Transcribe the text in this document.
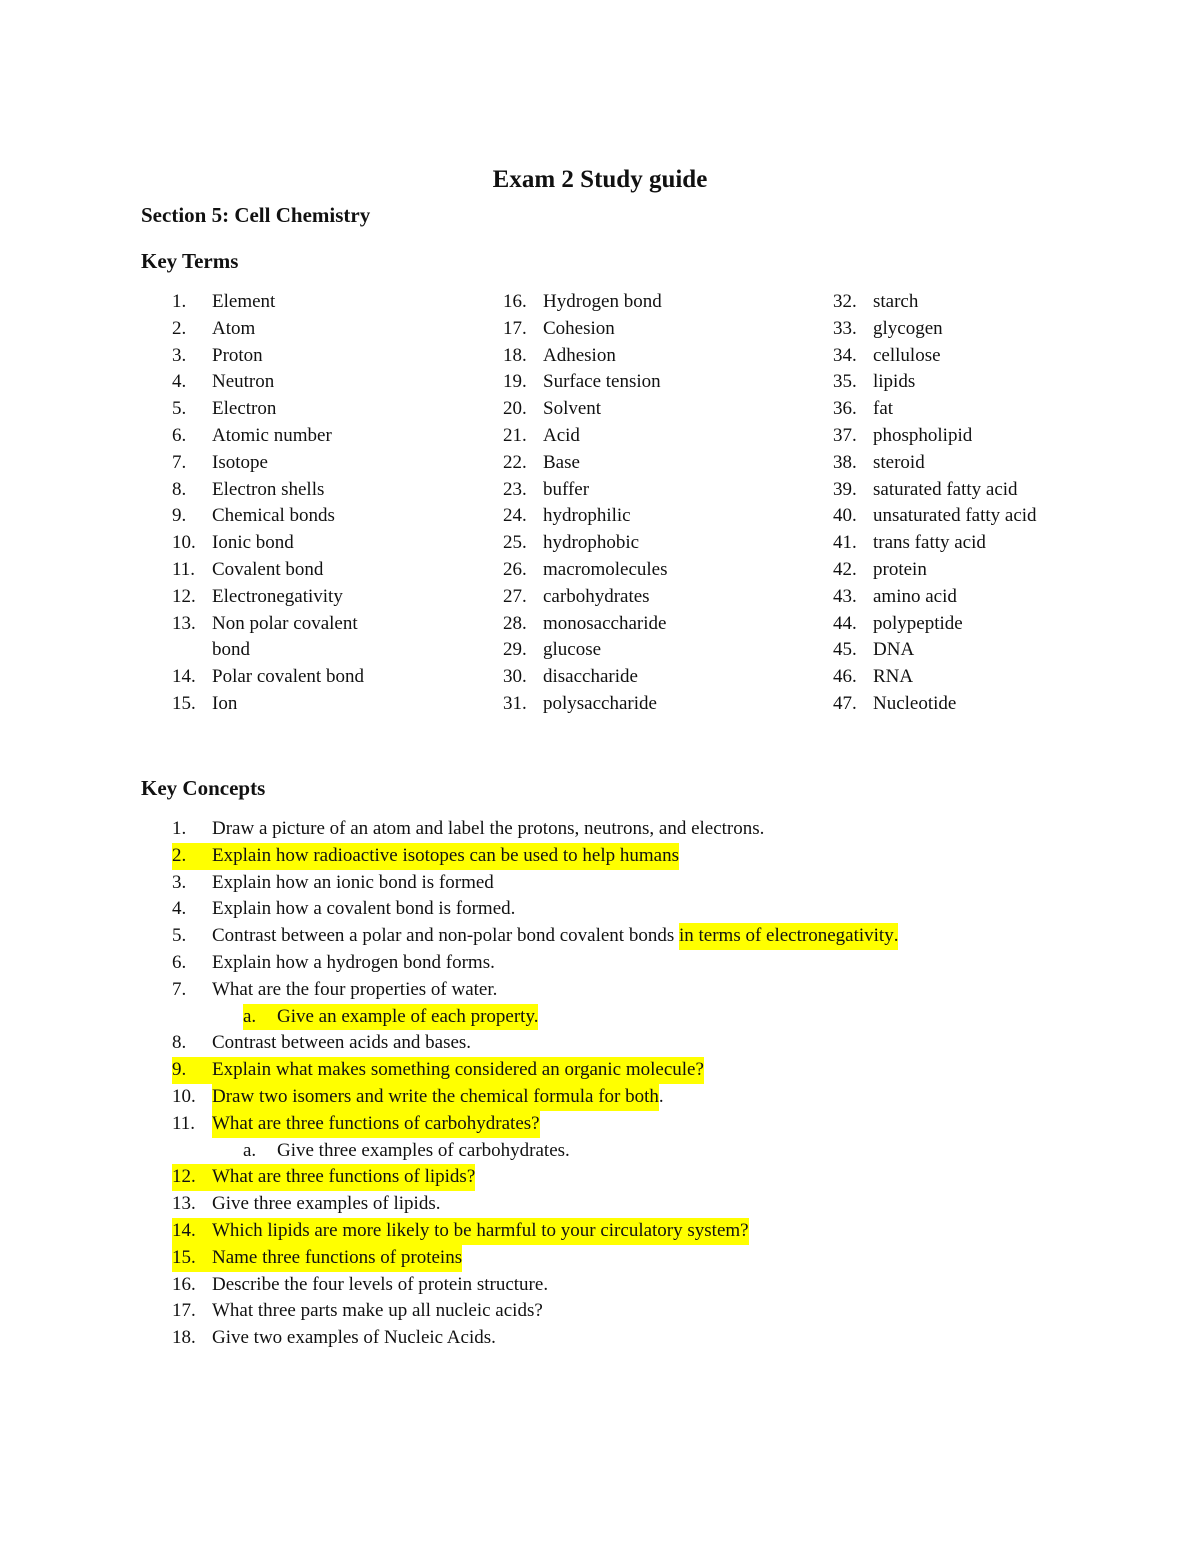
Exam 2 Study guide
Section 5: Cell Chemistry
Key Terms
1.	Element
2.	Atom
3.	Proton
4.	Neutron
5.	Electron
6.	Atomic number
7.	Isotope
8.	Electron shells
9.	Chemical bonds
10. Ionic bond
11. Covalent bond
12. Electronegativity
13. Non polar covalent bond
14. Polar covalent bond
15. Ion
16. Hydrogen bond
17. Cohesion
18. Adhesion
19. Surface tension
20. Solvent
21. Acid
22. Base
23. buffer
24. hydrophilic
25. hydrophobic
26. macromolecules
27. carbohydrates
28. monosaccharide
29. glucose
30. disaccharide
31. polysaccharide
32. starch
33. glycogen
34. cellulose
35. lipids
36. fat
37. phospholipid
38. steroid
39. saturated fatty acid
40. unsaturated fatty acid
41. trans fatty acid
42. protein
43. amino acid
44. polypeptide
45. DNA
46. RNA
47. Nucleotide
Key Concepts
1.	Draw a picture of an atom and label the protons, neutrons, and electrons.
2.	Explain how radioactive isotopes can be used to help humans
3.	Explain how an ionic bond is formed
4.	Explain how a covalent bond is formed.
5.	Contrast between a polar and non-polar bond covalent bonds in terms of electronegativity .
6.	Explain how a hydrogen bond forms.
7.	What are the four properties of water.
a.	Give an example of each property.
8.	Contrast between acids and bases.
9.	Explain what makes something considered an organic molecule?
10. Draw two isomers and write the chemical formula for both .
11. What are three functions of carbohydrates?
a.	Give three examples of carbohydrates.
12. What are three functions of lipids?
13. Give three examples of lipids.
14. Which lipids are more likely to be harmful to your circulatory system?
15. Name three functions of proteins
16. Describe the four levels of protein structure.
17. What three parts make up all nucleic acids?
18. Give two examples of Nucleic Acids.
